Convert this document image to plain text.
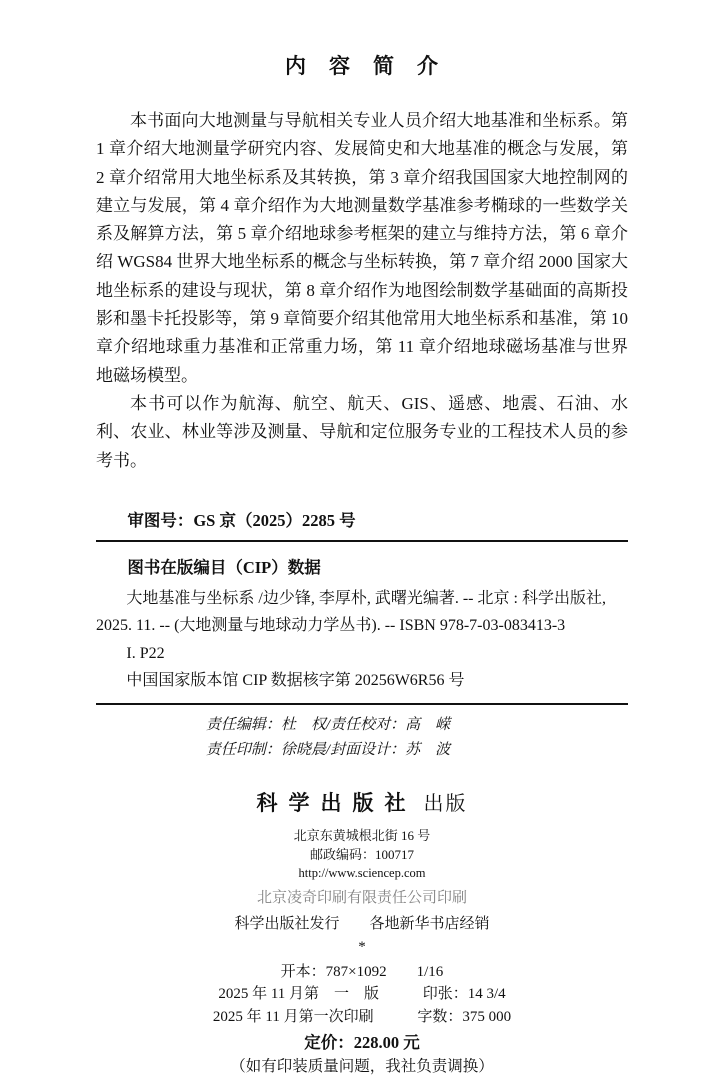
内　容　简　介

本书面向大地测量与导航相关专业人员介绍大地基准和坐标系。第 1 章介绍大地测量学研究内容、发展简史和大地基准的概念与发展，第 2 章介绍常用大地坐标系及其转换，第 3 章介绍我国国家大地控制网的建立与发展，第 4 章介绍作为大地测量数学基准参考椭球的一些数学关系及解算方法，第 5 章介绍地球参考框架的建立与维持方法，第 6 章介绍 WGS84 世界大地坐标系的概念与坐标转换，第 7 章介绍 2000 国家大地坐标系的建设与现状，第 8 章介绍作为地图绘制数学基础面的高斯投影和墨卡托投影等，第 9 章简要介绍其他常用大地坐标系和基准，第 10 章介绍地球重力基准和正常重力场，第 11 章介绍地球磁场基准与世界地磁场模型。

本书可以作为航海、航空、航天、GIS、遥感、地震、石油、水利、农业、林业等涉及测量、导航和定位服务专业的工程技术人员的参考书。

审图号：GS 京（2025）2285 号
图书在版编目（CIP）数据
大地基准与坐标系 /边少锋, 李厚朴, 武曙光编著. -- 北京 : 科学出版社,
2025. 11. -- (大地测量与地球动力学丛书). -- ISBN 978-7-03-083413-3
I. P22
中国国家版本馆 CIP 数据核字第 20256W6R56 号
责任编辑：杜　权/责任校对：高　嵘
责任印制：徐晓晨/封面设计：苏　波
科学出版社 出版
北京东黄城根北街 16 号
邮政编码：100717
http://www.sciencep.com
北京凌奇印刷有限责任公司印刷
科学出版社发行　　各地新华书店经销
*
开本：787×1092　　1/16
2025 年 11 月第　一　版	印张：14 3/4
2025 年 11 月第一次印刷	字数：375 000
定价：228.00 元
（如有印装质量问题，我社负责调换）
